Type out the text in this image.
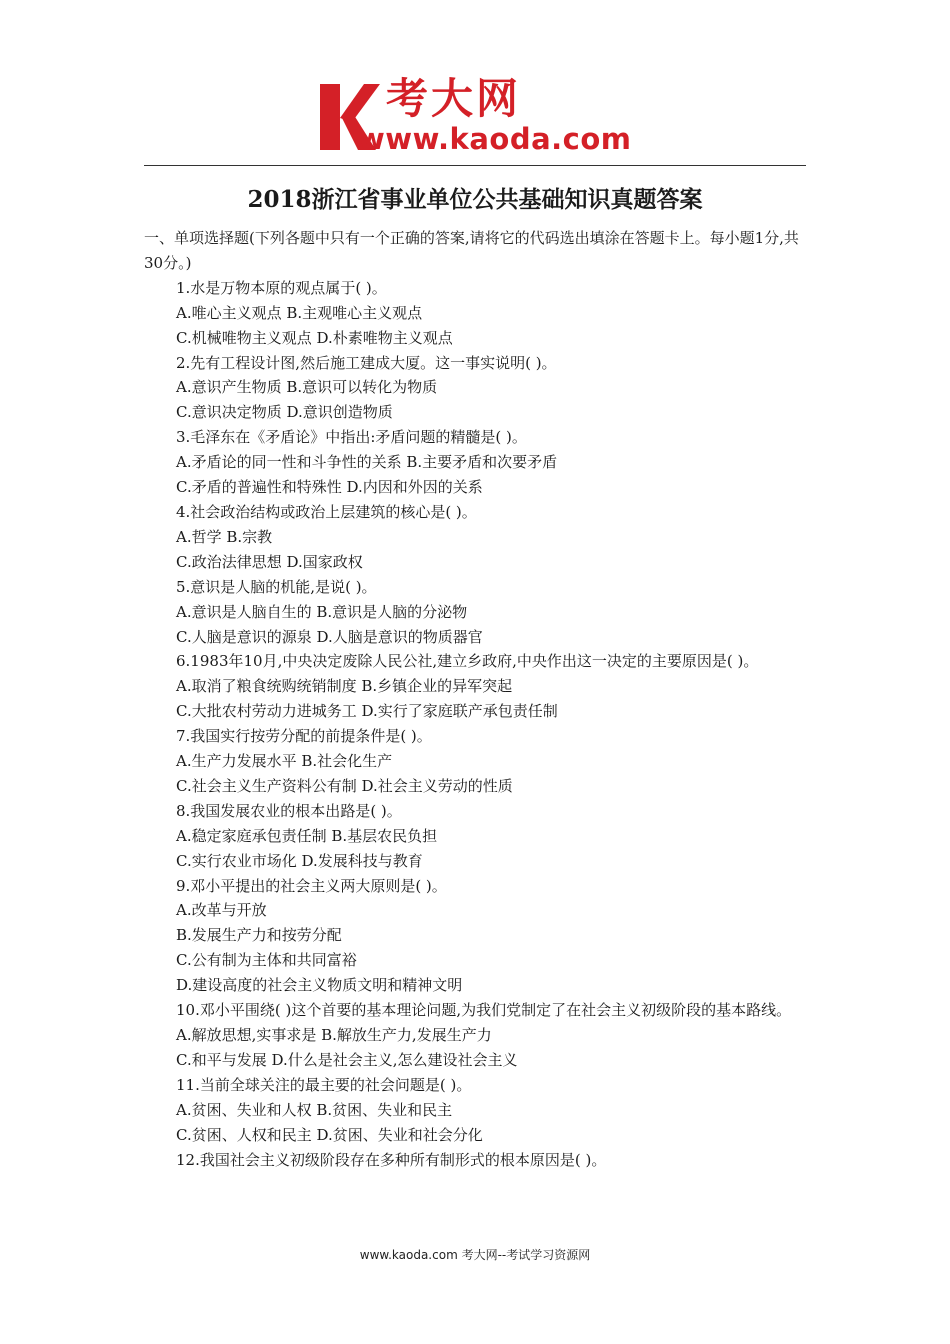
考大网
www.kaoda.com
2018浙江省事业单位公共基础知识真题答案

一、单项选择题(下列各题中只有一个正确的答案,请将它的代码选出填涂在答题卡上。每小题1分,共30分。)

1.水是万物本原的观点属于( )。

A.唯心主义观点 B.主观唯心主义观点

C.机械唯物主义观点 D.朴素唯物主义观点

2.先有工程设计图,然后施工建成大厦。这一事实说明( )。

A.意识产生物质 B.意识可以转化为物质

C.意识决定物质 D.意识创造物质

3.毛泽东在《矛盾论》中指出:矛盾问题的精髓是( )。

A.矛盾论的同一性和斗争性的关系 B.主要矛盾和次要矛盾

C.矛盾的普遍性和特殊性 D.内因和外因的关系

4.社会政治结构或政治上层建筑的核心是( )。

A.哲学 B.宗教

C.政治法律思想 D.国家政权

5.意识是人脑的机能,是说( )。

A.意识是人脑自生的 B.意识是人脑的分泌物

C.人脑是意识的源泉 D.人脑是意识的物质器官

6.1983年10月,中央决定废除人民公社,建立乡政府,中央作出这一决定的主要原因是( )。

A.取消了粮食统购统销制度 B.乡镇企业的异军突起

C.大批农村劳动力进城务工 D.实行了家庭联产承包责任制

7.我国实行按劳分配的前提条件是( )。

A.生产力发展水平 B.社会化生产

C.社会主义生产资料公有制 D.社会主义劳动的性质

8.我国发展农业的根本出路是( )。

A.稳定家庭承包责任制 B.基层农民负担

C.实行农业市场化 D.发展科技与教育

9.邓小平提出的社会主义两大原则是( )。

A.改革与开放

B.发展生产力和按劳分配

C.公有制为主体和共同富裕

D.建设高度的社会主义物质文明和精神文明

10.邓小平围绕( )这个首要的基本理论问题,为我们党制定了在社会主义初级阶段的基本路线。

A.解放思想,实事求是 B.解放生产力,发展生产力

C.和平与发展 D.什么是社会主义,怎么建设社会主义

11.当前全球关注的最主要的社会问题是( )。

A.贫困、失业和人权 B.贫困、失业和民主

C.贫困、人权和民主 D.贫困、失业和社会分化

12.我国社会主义初级阶段存在多种所有制形式的根本原因是( )。

www.kaoda.com 考大网--考试学习资源网
